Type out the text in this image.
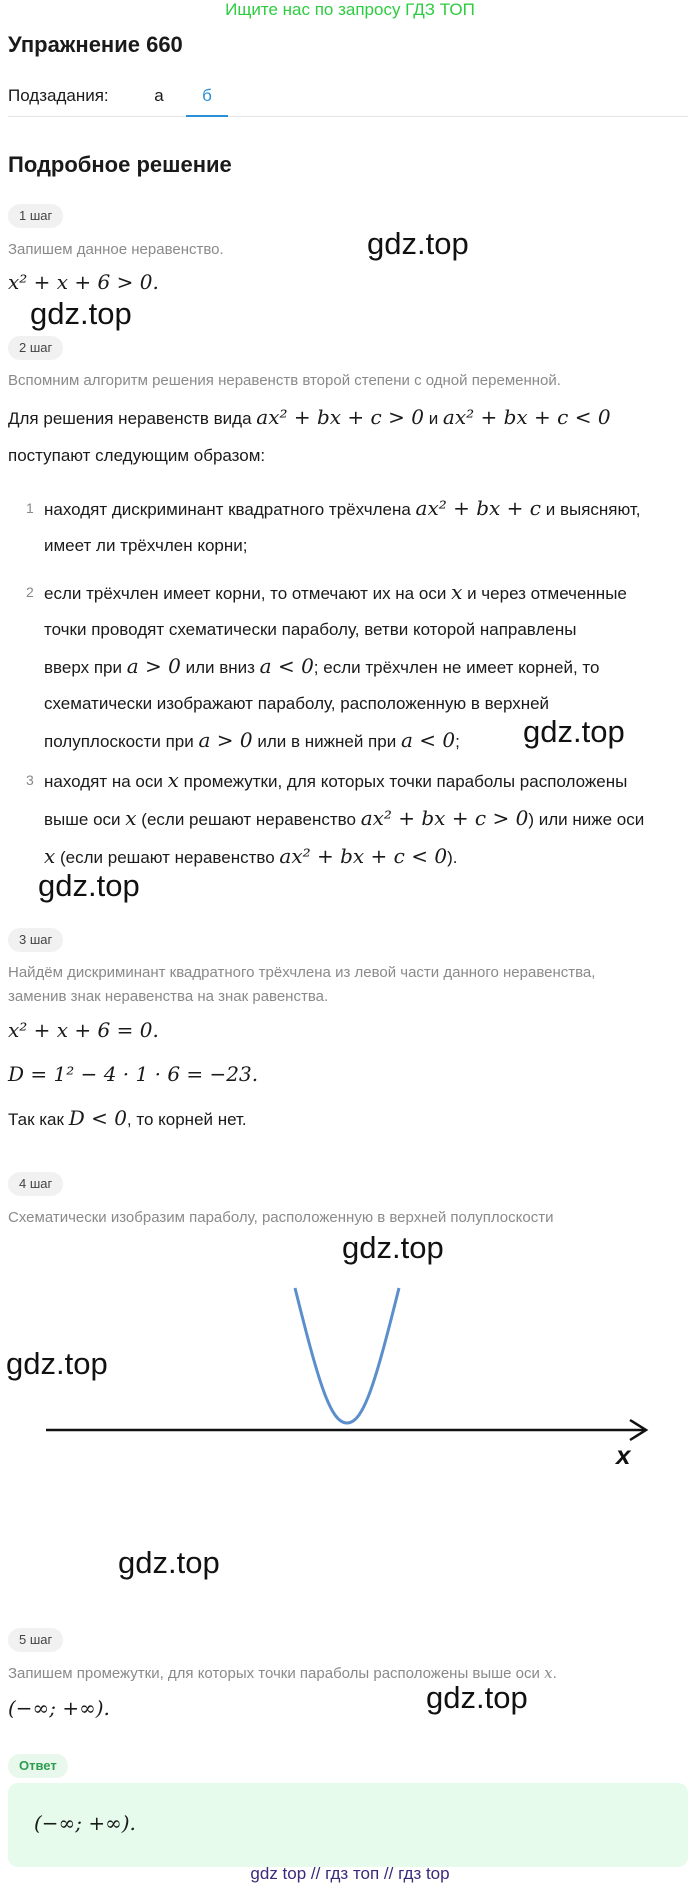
Ищите нас по запросу ГДЗ ТОП
Упражнение 660
Подзадания:	а	б
Подробное решение
1 шаг
Запишем данное неравенство.
x² + x + 6 > 0.
gdz.top
gdz.top
2 шаг
Вспомним алгоритм решения неравенств второй степени с одной переменной.
Для решения неравенств вида ax² + bx + c > 0 и ax² + bx + c < 0
поступают следующим образом:
1 находят дискриминант квадратного трёхчлена ax² + bx + c и выясняют,
имеет ли трёхчлен корни;
2 если трёхчлен имеет корни, то отмечают их на оси x и через отмеченные
точки проводят схематически параболу, ветви которой направлены
вверх при a > 0 или вниз a < 0; если трёхчлен не имеет корней, то
схематически изображают параболу, расположенную в верхней
полуплоскости при a > 0 или в нижней при a < 0;	gdz.top
3 находят на оси x промежутки, для которых точки параболы расположены
выше оси x (если решают неравенство ax² + bx + c > 0) или ниже оси
x (если решают неравенство ax² + bx + c < 0).
gdz.top
3 шаг
Найдём дискриминант квадратного трёхчлена из левой части данного неравенства,
заменив знак неравенства на знак равенства.
x² + x + 6 = 0.
D = 1² − 4 · 1 · 6 = −23.
Так как D < 0, то корней нет.
4 шаг
Схематически изобразим параболу, расположенную в верхней полуплоскости
gdz.top
gdz.top
x
gdz.top
5 шаг
Запишем промежутки, для которых точки параболы расположены выше оси x.
(−∞; +∞).	gdz.top
Ответ
(−∞; +∞).
gdz top // гдз топ // гдз top
